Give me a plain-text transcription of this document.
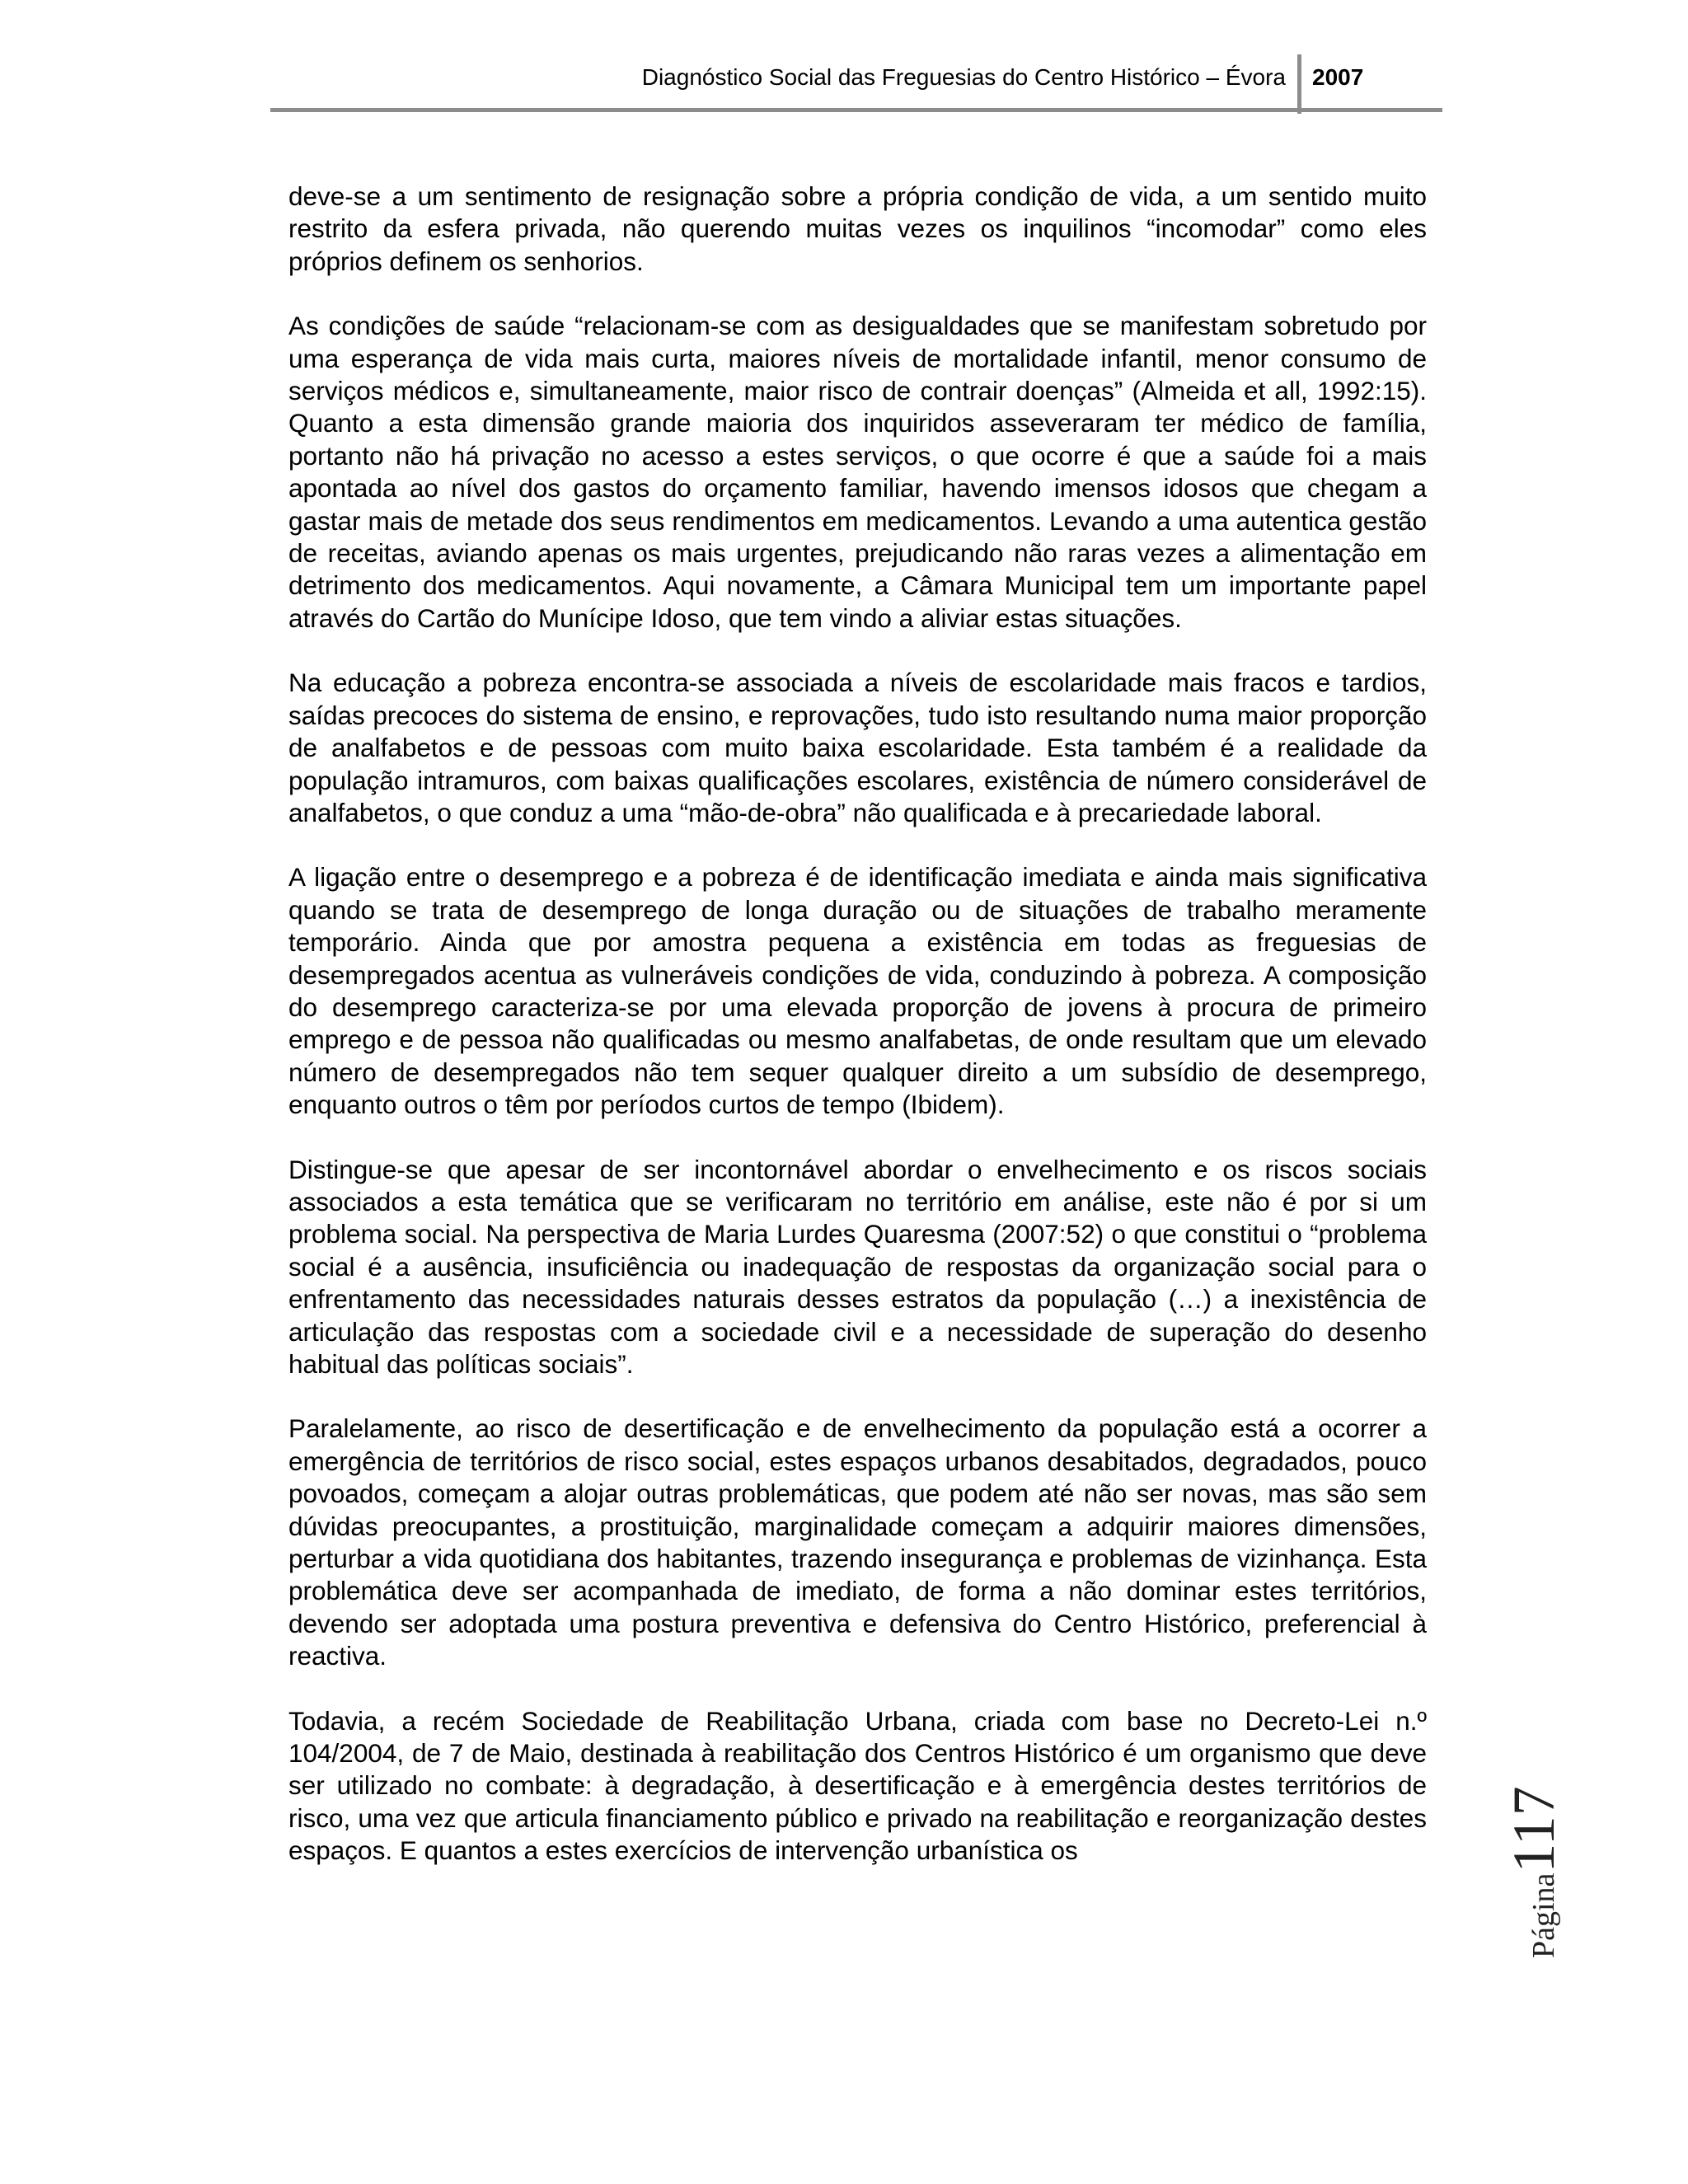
Diagnóstico Social das Freguesias do Centro Histórico – Évora 2007

deve-se a um sentimento de resignação sobre a própria condição de vida, a um sentido muito restrito da esfera privada, não querendo muitas vezes os inquilinos “incomodar” como eles próprios definem os senhorios.

As condições de saúde “relacionam-se com as desigualdades que se manifestam sobretudo por uma esperança de vida mais curta, maiores níveis de mortalidade infantil, menor consumo de serviços médicos e, simultaneamente, maior risco de contrair doenças” (Almeida et all, 1992:15). Quanto a esta dimensão grande maioria dos inquiridos asseveraram ter médico de família, portanto não há privação no acesso a estes serviços, o que ocorre é que a saúde foi a mais apontada ao nível dos gastos do orçamento familiar, havendo imensos idosos que chegam a gastar mais de metade dos seus rendimentos em medicamentos. Levando a uma autentica gestão de receitas, aviando apenas os mais urgentes, prejudicando não raras vezes a alimentação em detrimento dos medicamentos. Aqui novamente, a Câmara Municipal tem um importante papel através do Cartão do Munícipe Idoso, que tem vindo a aliviar estas situações.

Na educação a pobreza encontra-se associada a níveis de escolaridade mais fracos e tardios, saídas precoces do sistema de ensino, e reprovações, tudo isto resultando numa maior proporção de analfabetos e de pessoas com muito baixa escolaridade. Esta também é a realidade da população intramuros, com baixas qualificações escolares, existência de número considerável de analfabetos, o que conduz a uma “mão-de-obra” não qualificada e à precariedade laboral.

A ligação entre o desemprego e a pobreza é de identificação imediata e ainda mais significativa quando se trata de desemprego de longa duração ou de situações de trabalho meramente temporário. Ainda que por amostra pequena a existência em todas as freguesias de desempregados acentua as vulneráveis condições de vida, conduzindo à pobreza. A composição do desemprego caracteriza-se por uma elevada proporção de jovens à procura de primeiro emprego e de pessoa não qualificadas ou mesmo analfabetas, de onde resultam que um elevado número de desempregados não tem sequer qualquer direito a um subsídio de desemprego, enquanto outros o têm por períodos curtos de tempo (Ibidem).

Distingue-se que apesar de ser incontornável abordar o envelhecimento e os riscos sociais associados a esta temática que se verificaram no território em análise, este não é por si um problema social. Na perspectiva de Maria Lurdes Quaresma (2007:52) o que constitui o “problema social é a ausência, insuficiência ou inadequação de respostas da organização social para o enfrentamento das necessidades naturais desses estratos da população (…) a inexistência de articulação das respostas com a sociedade civil e a necessidade de superação do desenho habitual das políticas sociais”.

Paralelamente, ao risco de desertificação e de envelhecimento da população está a ocorrer a emergência de territórios de risco social, estes espaços urbanos desabitados, degradados, pouco povoados, começam a alojar outras problemáticas, que podem até não ser novas, mas são sem dúvidas preocupantes, a prostituição, marginalidade começam a adquirir maiores dimensões, perturbar a vida quotidiana dos habitantes, trazendo insegurança e problemas de vizinhança. Esta problemática deve ser acompanhada de imediato, de forma a não dominar estes territórios, devendo ser adoptada uma postura preventiva e defensiva do Centro Histórico, preferencial à reactiva.

Todavia, a recém Sociedade de Reabilitação Urbana, criada com base no Decreto-Lei n.º 104/2004, de 7 de Maio, destinada à reabilitação dos Centros Histórico é um organismo que deve ser utilizado no combate: à degradação, à desertificação e à emergência destes territórios de risco, uma vez que articula financiamento público e privado na reabilitação e reorganização destes espaços. E quantos a estes exercícios de intervenção urbanística os

Página117
